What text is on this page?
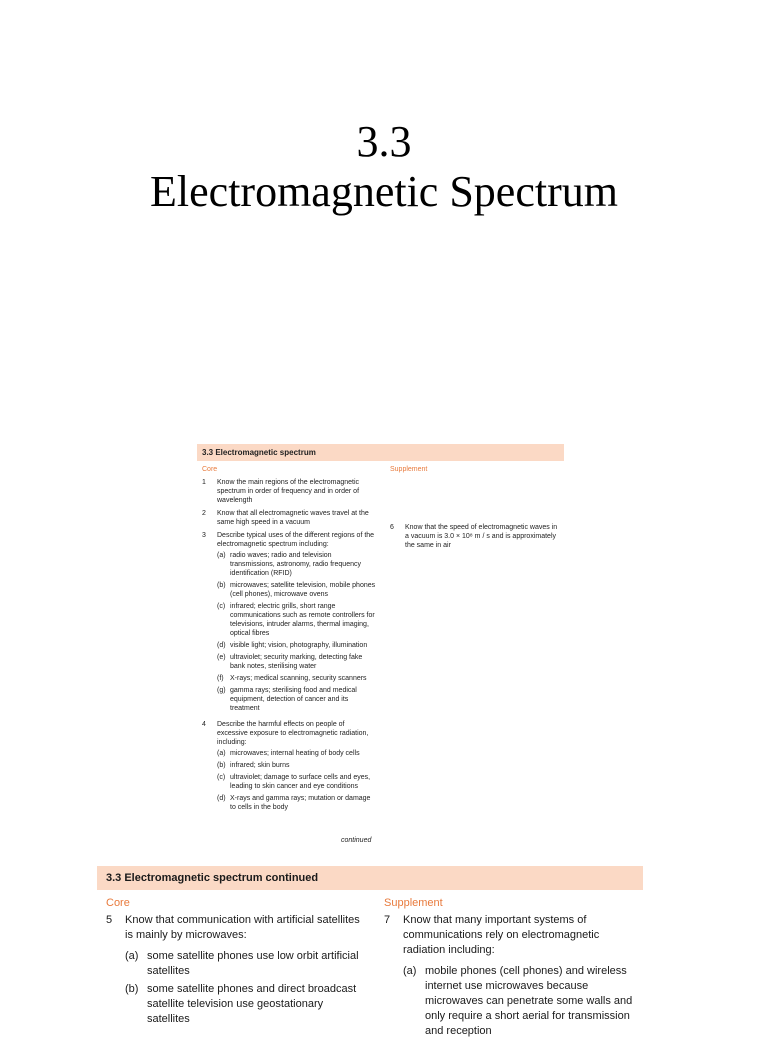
3.3
Electromagnetic Spectrum
3.3 Electromagnetic spectrum
Core
1	Know the main regions of the electromagnetic spectrum in order of frequency and in order of wavelength
2	Know that all electromagnetic waves travel at the same high speed in a vacuum
3	Describe typical uses of the different regions of the electromagnetic spectrum including:
(a) radio waves; radio and television transmissions, astronomy, radio frequency identification (RFID)
(b) microwaves; satellite television, mobile phones (cell phones), microwave ovens
(c) infrared; electric grills, short range communications such as remote controllers for televisions, intruder alarms, thermal imaging, optical fibres
(d) visible light; vision, photography, illumination
(e) ultraviolet; security marking, detecting fake bank notes, sterilising water
(f) X-rays; medical scanning, security scanners
(g) gamma rays; sterilising food and medical equipment, detection of cancer and its treatment
4	Describe the harmful effects on people of excessive exposure to electromagnetic radiation, including:
(a) microwaves; internal heating of body cells
(b) infrared; skin burns
(c) ultraviolet; damage to surface cells and eyes, leading to skin cancer and eye conditions
(d) X-rays and gamma rays; mutation or damage to cells in the body
Supplement
6	Know that the speed of electromagnetic waves in a vacuum is 3.0 × 10⁸ m / s and is approximately the same in air
continued
3.3 Electromagnetic spectrum continued
Core
5	Know that communication with artificial satellites is mainly by microwaves:
(a) some satellite phones use low orbit artificial satellites
(b) some satellite phones and direct broadcast satellite television use geostationary satellites
Supplement
7	Know that many important systems of communications rely on electromagnetic radiation including:
(a) mobile phones (cell phones) and wireless internet use microwaves because microwaves can penetrate some walls and only require a short aerial for transmission and reception
